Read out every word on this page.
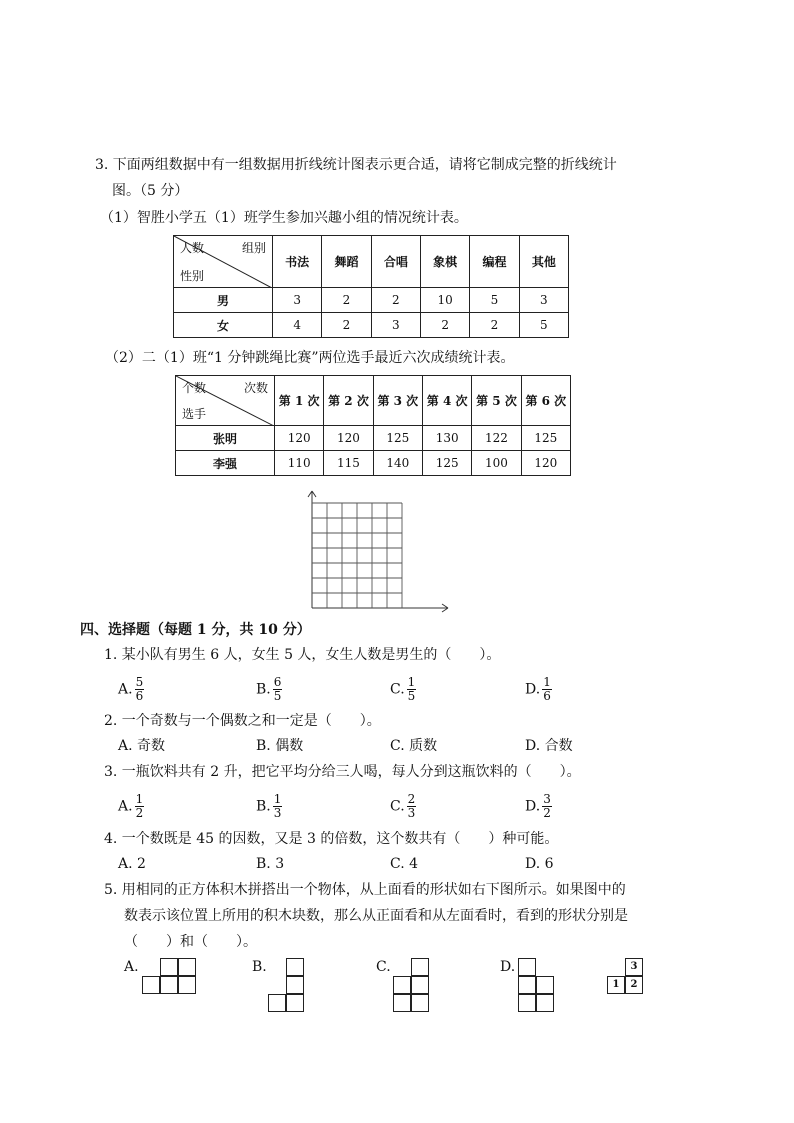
3. 下面两组数据中有一组数据用折线统计图表示更合适，请将它制成完整的折线统计
图。（5 分）
（1）智胜小学五（1）班学生参加兴趣小组的情况统计表。
人数 组别
性别	书法	舞蹈	合唱	象棋	编程	其他
男	3	2	2	10	5	3
女	4	2	3	2	2	5
（2）二（1）班“1 分钟跳绳比赛”两位选手最近六次成绩统计表。
个数 次数
选手	第 1 次	第 2 次	第 3 次	第 4 次	第 5 次	第 6 次
张明	120	120	125	130	122	125
李强	110	115	140	125	100	120
四、选择题（每题 1 分，共 10 分）
1. 某小队有男生 6 人，女生 5 人，女生人数是男生的（　　）。
A. $\frac{5}{6}$	B. $\frac{6}{5}$	C. $\frac{1}{5}$	D. $\frac{1}{6}$
2. 一个奇数与一个偶数之和一定是（　　）。
A. 奇数	B. 偶数	C. 质数	D. 合数
3. 一瓶饮料共有 2 升，把它平均分给三人喝，每人分到这瓶饮料的（　　）。
A. $\frac{1}{2}$	B. $\frac{1}{3}$	C. $\frac{2}{3}$	D. $\frac{3}{2}$
4. 一个数既是 45 的因数，又是 3 的倍数，这个数共有（　　）种可能。
A. 2	B. 3	C. 4	D. 6
5. 用相同的正方体积木拼搭出一个物体，从上面看的形状如右下图所示。如果图中的
数表示该位置上所用的积木块数，那么从正面看和从左面看时，看到的形状分别是
（　　）和（　　）。
A.	B.	C.	D.	3
1	2
